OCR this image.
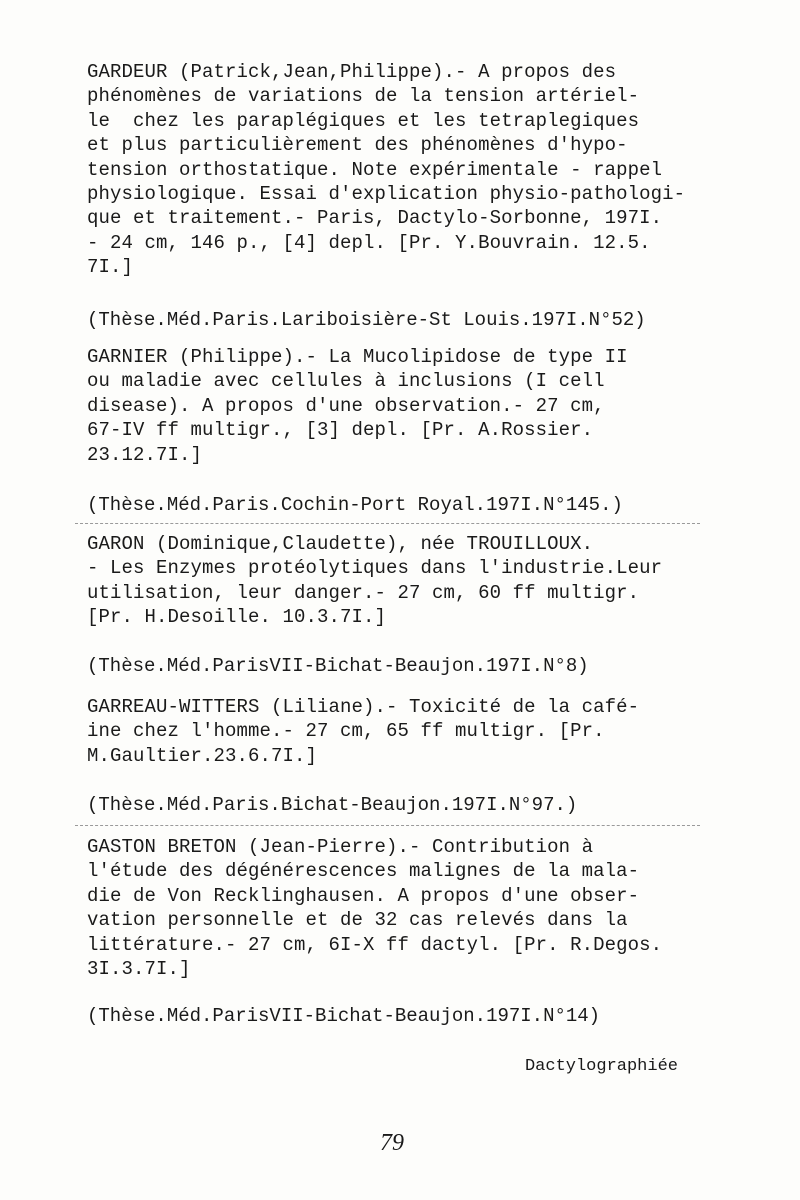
GARDEUR (Patrick,Jean,Philippe).- A propos des
phénomènes de variations de la tension artériel-
le  chez les paraplégiques et les tetraplegiques
et plus particulièrement des phénomènes d'hypo-
tension orthostatique. Note expérimentale - rappel
physiologique. Essai d'explication physio-pathologi-
que et traitement.- Paris, Dactylo-Sorbonne, 197I.
- 24 cm, 146 p., [4] depl. [Pr. Y.Bouvrain. 12.5.
7I.]
(Thèse.Méd.Paris.Lariboisière-St Louis.197I.N°52)
GARNIER (Philippe).- La Mucolipidose de type II
ou maladie avec cellules à inclusions (I cell
disease). A propos d'une observation.- 27 cm,
67-IV ff multigr., [3] depl. [Pr. A.Rossier.
23.12.7I.]
(Thèse.Méd.Paris.Cochin-Port Royal.197I.N°145.)
GARON (Dominique,Claudette), née TROUILLOUX.
- Les Enzymes protéolytiques dans l'industrie.Leur
utilisation, leur danger.- 27 cm, 60 ff multigr.
[Pr. H.Desoille. 10.3.7I.]
(Thèse.Méd.ParisVII-Bichat-Beaujon.197I.N°8)
GARREAU-WITTERS (Liliane).- Toxicité de la café-
ine chez l'homme.- 27 cm, 65 ff multigr. [Pr.
M.Gaultier.23.6.7I.]
(Thèse.Méd.Paris.Bichat-Beaujon.197I.N°97.)
GASTON BRETON (Jean-Pierre).- Contribution à
l'étude des dégénérescences malignes de la mala-
die de Von Recklinghausen. A propos d'une obser-
vation personnelle et de 32 cas relevés dans la
littérature.- 27 cm, 6I-X ff dactyl. [Pr. R.Degos.
3I.3.7I.]
(Thèse.Méd.ParisVII-Bichat-Beaujon.197I.N°14)
Dactylographiée
79
